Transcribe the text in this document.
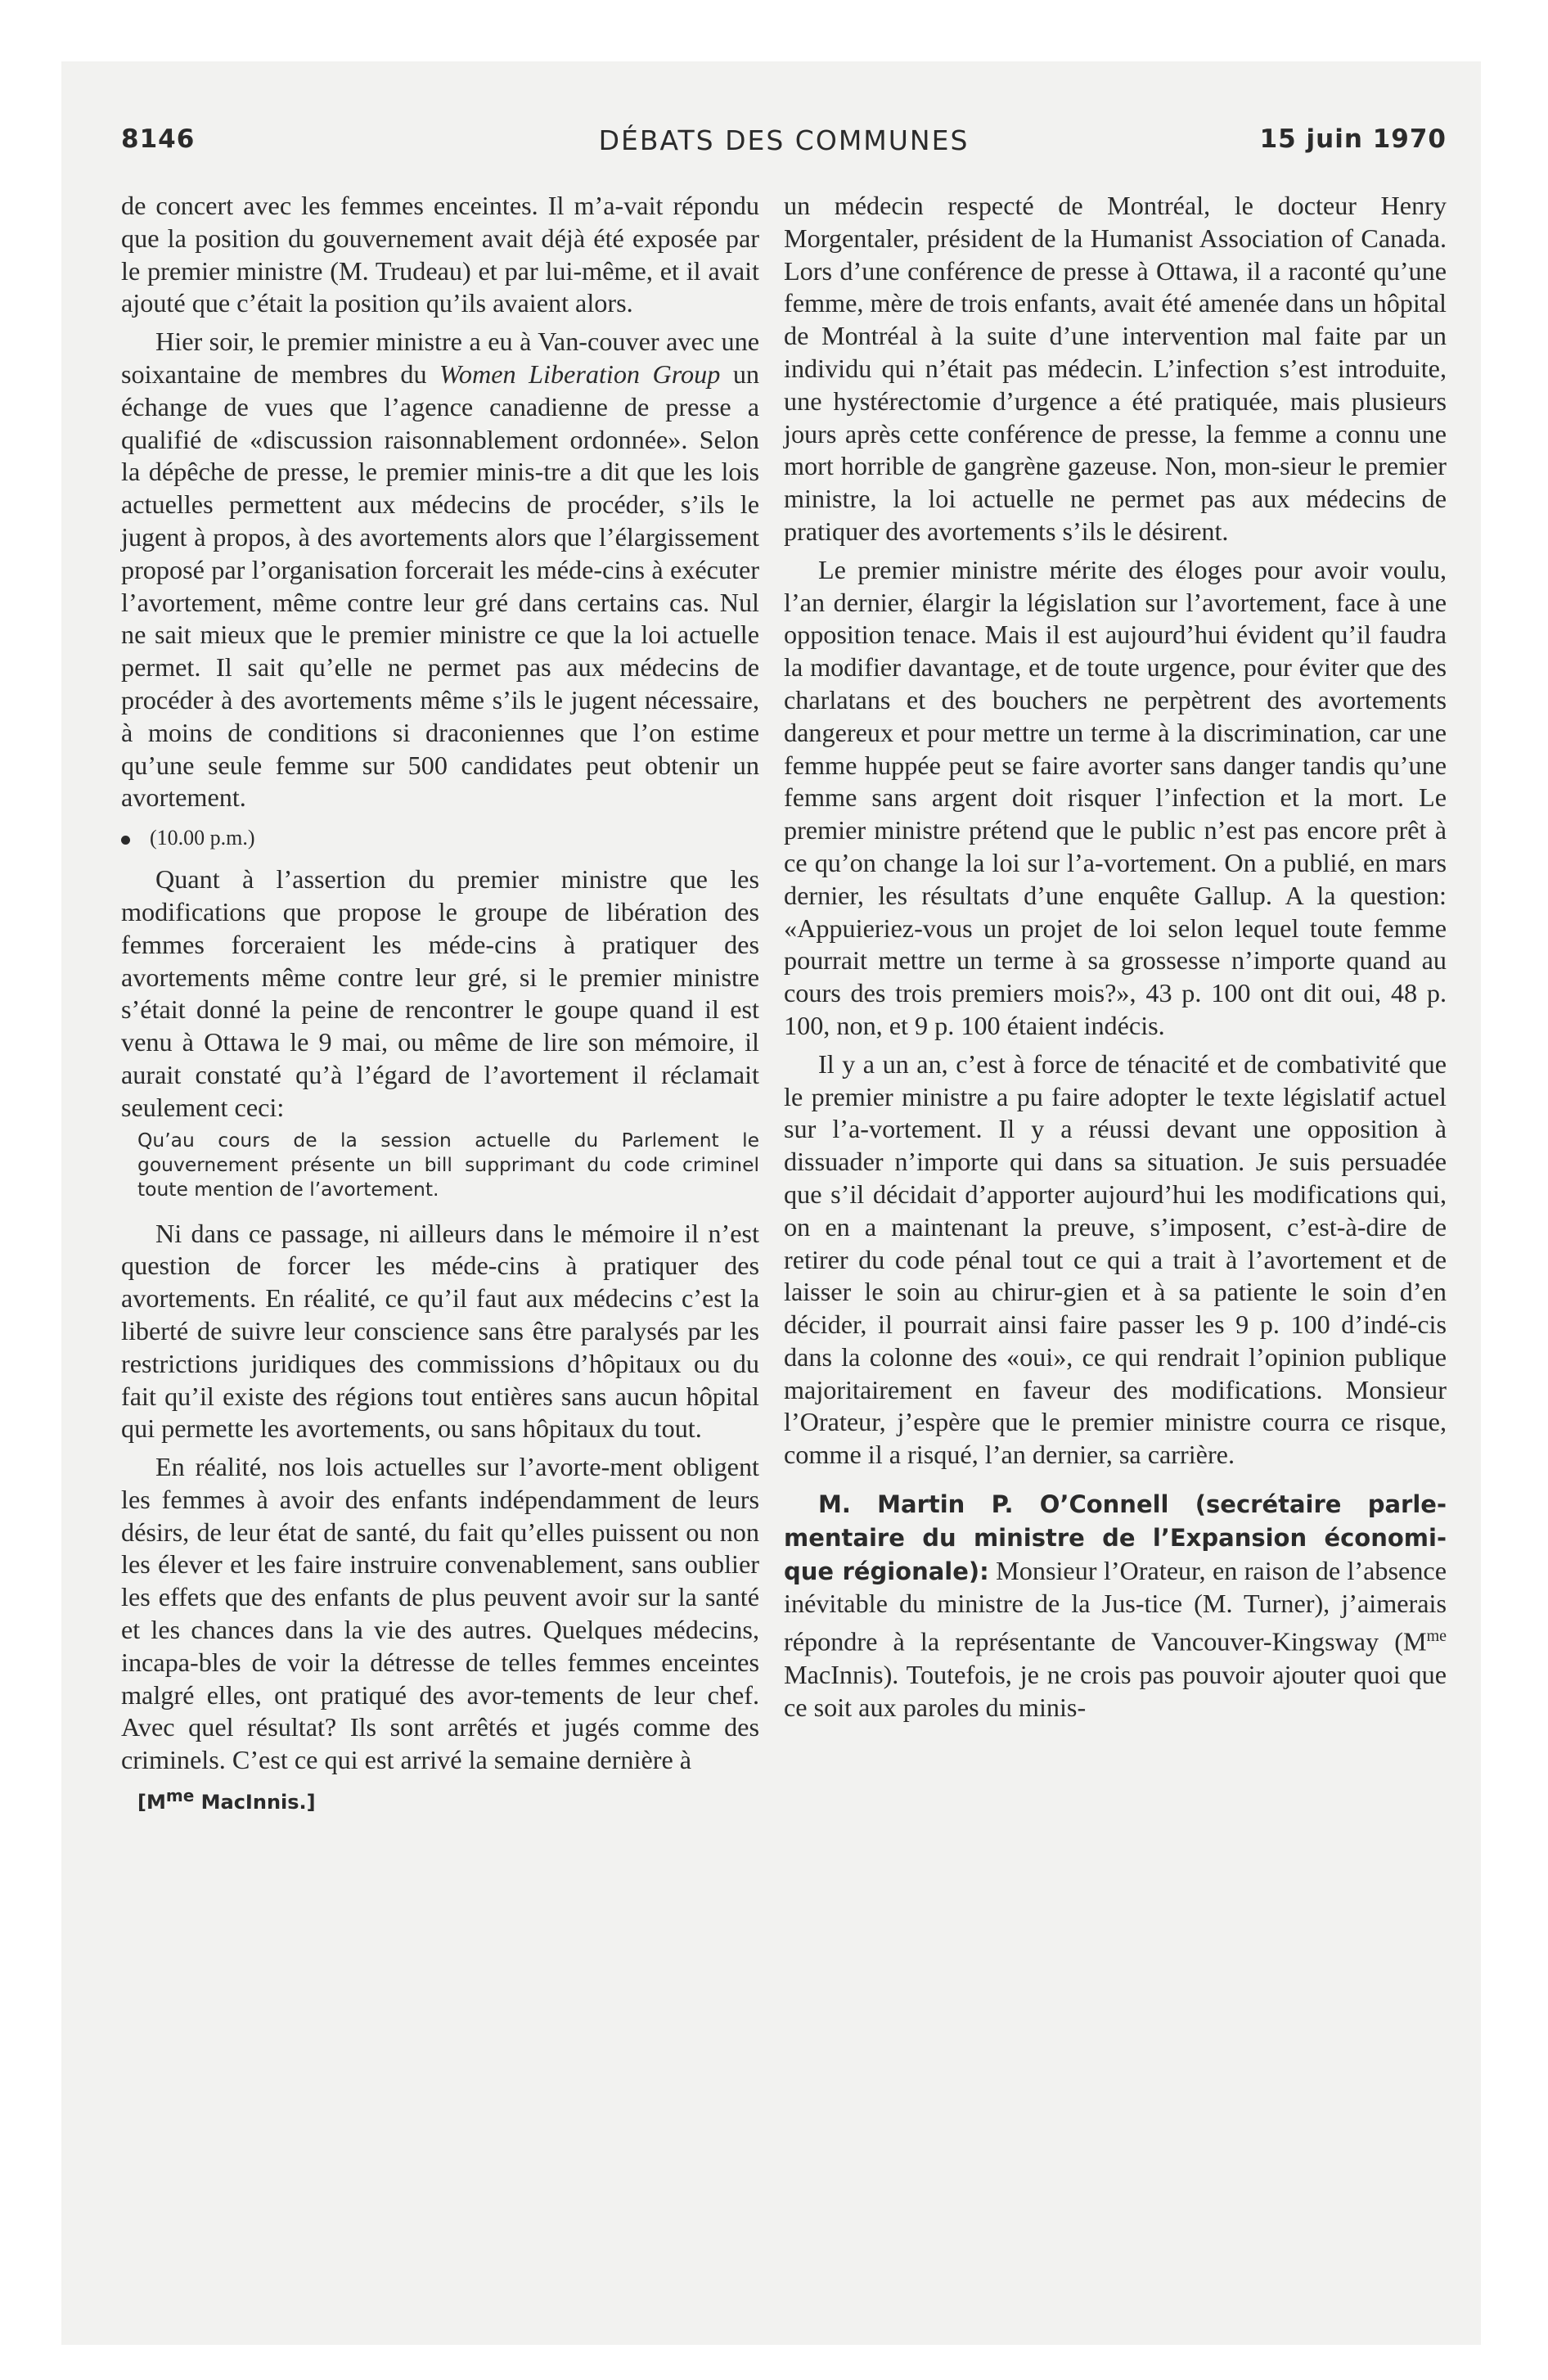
8146	DÉBATS DES COMMUNES	15 juin 1970

de concert avec les femmes enceintes. Il m’a-vait répondu que la position du gouvernement avait déjà été exposée par le premier ministre (M. Trudeau) et par lui-même, et il avait ajouté que c’était la position qu’ils avaient alors.

Hier soir, le premier ministre a eu à Van-couver avec une soixantaine de membres du Women Liberation Group un échange de vues que l’agence canadienne de presse a qualifié de «discussion raisonnablement ordonnée». Selon la dépêche de presse, le premier minis-tre a dit que les lois actuelles permettent aux médecins de procéder, s’ils le jugent à propos, à des avortements alors que l’élargissement proposé par l’organisation forcerait les méde-cins à exécuter l’avortement, même contre leur gré dans certains cas. Nul ne sait mieux que le premier ministre ce que la loi actuelle permet. Il sait qu’elle ne permet pas aux médecins de procéder à des avortements même s’ils le jugent nécessaire, à moins de conditions si draconiennes que l’on estime qu’une seule femme sur 500 candidates peut obtenir un avortement.

(10.00 p.m.)

Quant à l’assertion du premier ministre que les modifications que propose le groupe de libération des femmes forceraient les méde-cins à pratiquer des avortements même contre leur gré, si le premier ministre s’était donné la peine de rencontrer le goupe quand il est venu à Ottawa le 9 mai, ou même de lire son mémoire, il aurait constaté qu’à l’égard de l’avortement il réclamait seulement ceci:

Qu’au cours de la session actuelle du Parlement le gouvernement présente un bill supprimant du code criminel toute mention de l’avortement.

Ni dans ce passage, ni ailleurs dans le mémoire il n’est question de forcer les méde-cins à pratiquer des avortements. En réalité, ce qu’il faut aux médecins c’est la liberté de suivre leur conscience sans être paralysés par les restrictions juridiques des commissions d’hôpitaux ou du fait qu’il existe des régions tout entières sans aucun hôpital qui permette les avortements, ou sans hôpitaux du tout.

En réalité, nos lois actuelles sur l’avorte-ment obligent les femmes à avoir des enfants indépendamment de leurs désirs, de leur état de santé, du fait qu’elles puissent ou non les élever et les faire instruire convenablement, sans oublier les effets que des enfants de plus peuvent avoir sur la santé et les chances dans la vie des autres. Quelques médecins, incapa-bles de voir la détresse de telles femmes enceintes malgré elles, ont pratiqué des avor-tements de leur chef. Avec quel résultat? Ils sont arrêtés et jugés comme des criminels. C’est ce qui est arrivé la semaine dernière à

[$M^{me}$ MacInnis.]

un médecin respecté de Montréal, le docteur Henry Morgentaler, président de la Humanist Association of Canada. Lors d’une conférence de presse à Ottawa, il a raconté qu’une femme, mère de trois enfants, avait été amenée dans un hôpital de Montréal à la suite d’une intervention mal faite par un individu qui n’était pas médecin. L’infection s’est introduite, une hystérectomie d’urgence a été pratiquée, mais plusieurs jours après cette conférence de presse, la femme a connu une mort horrible de gangrène gazeuse. Non, mon-sieur le premier ministre, la loi actuelle ne permet pas aux médecins de pratiquer des avortements s’ils le désirent.

Le premier ministre mérite des éloges pour avoir voulu, l’an dernier, élargir la législation sur l’avortement, face à une opposition tenace. Mais il est aujourd’hui évident qu’il faudra la modifier davantage, et de toute urgence, pour éviter que des charlatans et des bouchers ne perpètrent des avortements dangereux et pour mettre un terme à la discrimination, car une femme huppée peut se faire avorter sans danger tandis qu’une femme sans argent doit risquer l’infection et la mort. Le premier ministre prétend que le public n’est pas encore prêt à ce qu’on change la loi sur l’a-vortement. On a publié, en mars dernier, les résultats d’une enquête Gallup. A la question: «Appuieriez-vous un projet de loi selon lequel toute femme pourrait mettre un terme à sa grossesse n’importe quand au cours des trois premiers mois?», 43 p. 100 ont dit oui, 48 p. 100, non, et 9 p. 100 étaient indécis.

Il y a un an, c’est à force de ténacité et de combativité que le premier ministre a pu faire adopter le texte législatif actuel sur l’a-vortement. Il y a réussi devant une opposition à dissuader n’importe qui dans sa situation. Je suis persuadée que s’il décidait d’apporter aujourd’hui les modifications qui, on en a maintenant la preuve, s’imposent, c’est-à-dire de retirer du code pénal tout ce qui a trait à l’avortement et de laisser le soin au chirur-gien et à sa patiente le soin d’en décider, il pourrait ainsi faire passer les 9 p. 100 d’indé-cis dans la colonne des «oui», ce qui rendrait l’opinion publique majoritairement en faveur des modifications. Monsieur l’Orateur, j’espère que le premier ministre courra ce risque, comme il a risqué, l’an dernier, sa carrière.

M. Martin P. O’Connell (secrétaire parle-mentaire du ministre de l’Expansion économi-que régionale): Monsieur l’Orateur, en raison de l’absence inévitable du ministre de la Jus-tice (M. Turner), j’aimerais répondre à la représentante de Vancouver-Kingsway ($M^{me}$ MacInnis). Toutefois, je ne crois pas pouvoir ajouter quoi que ce soit aux paroles du minis-
